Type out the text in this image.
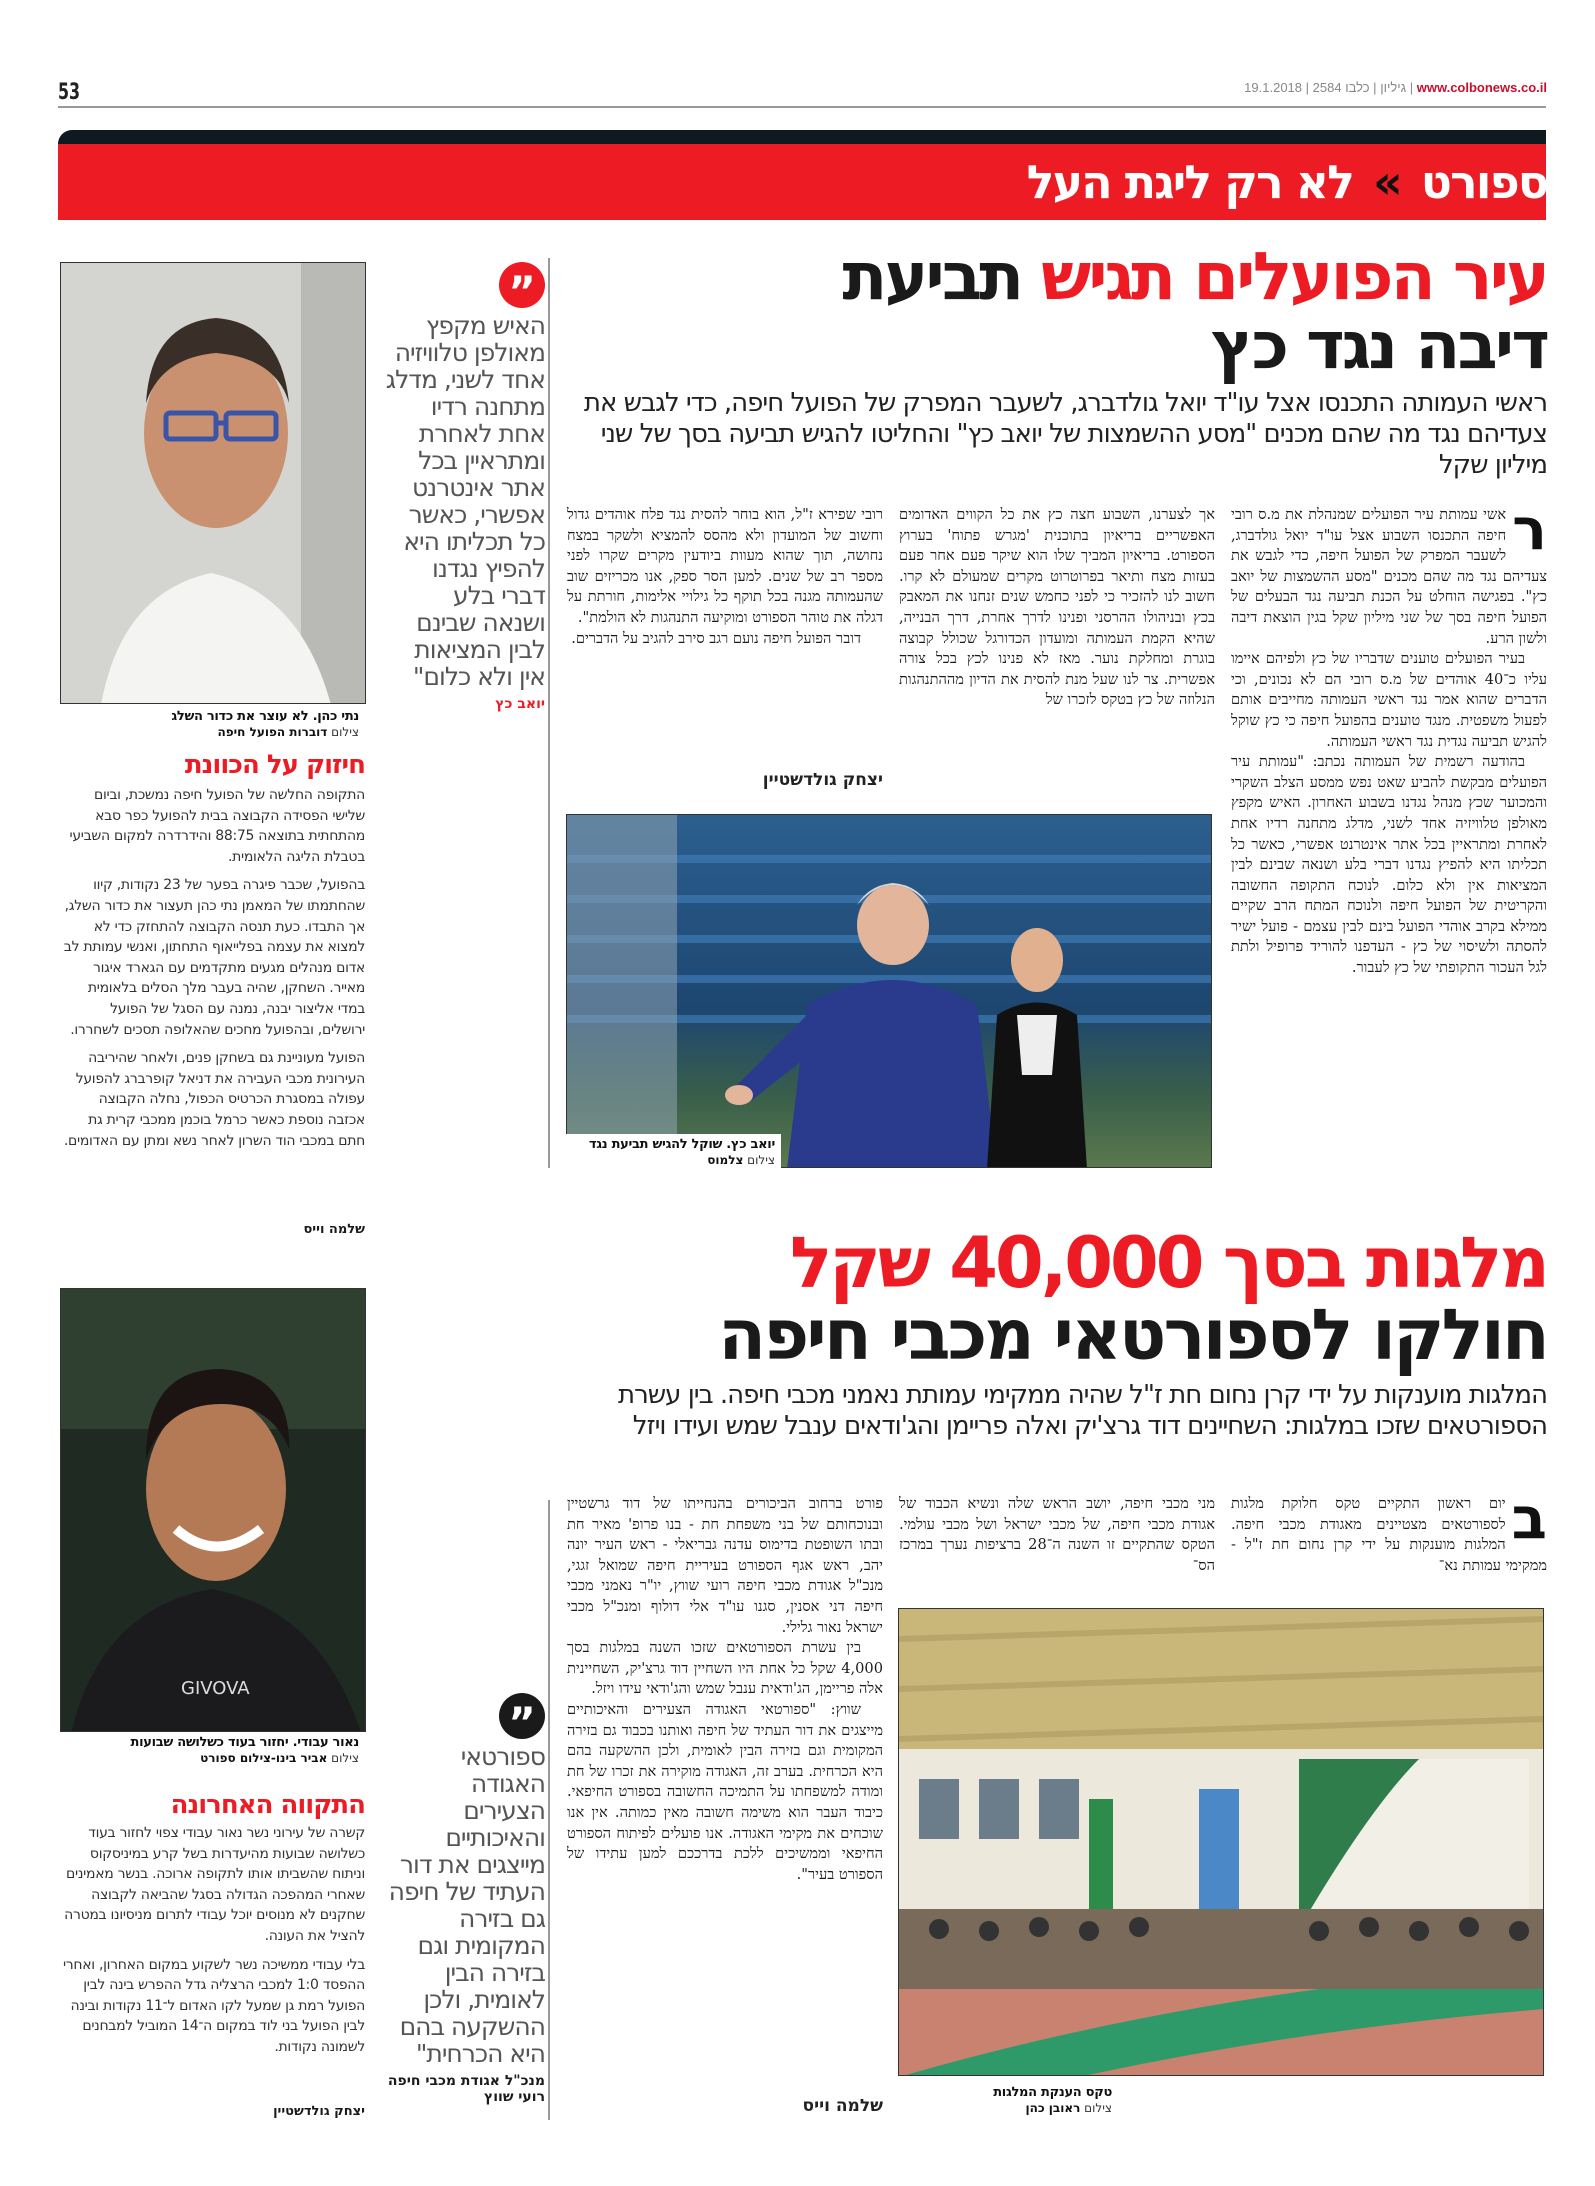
53	19.1.2018 | 2584	גיליון | כלבו	| www.colbonews.co.il
ספורט » לא רק ליגת העל
עיר הפועלים תגיש תביעת
דיבה נגד כץ
ראשי העמותה התכנסו אצל עו"ד יואל גולדברג, לשעבר המפרק של הפועל חיפה, כדי לגבש את צעדיהם נגד מה שהם מכנים "מסע ההשמצות של יואב כץ" והחליטו להגיש תביעה בסך של שני מיליון שקל
ר

אשי עמותת עיר הפועלים שמנהלת את מ.ס רובי חיפה התכנסו השבוע אצל עו"ד יואל גולדברג, לשעבר המפרק של הפועל חיפה, כדי לגבש את צעדיהם נגד מה שהם מכנים "מסע ההשמצות של יואב כץ". בפגישה הוחלט על הכנת תביעה נגד הבעלים של הפועל חיפה בסך של שני מיליון שקל בגין הוצאת דיבה ולשון הרע.

בעיר הפועלים טוענים שדבריו של כץ ולפיהם איימו עליו כ־40 אוהדים של מ.ס רובי הם לא נכונים, וכי הדברים שהוא אמר נגד ראשי העמותה מחייבים אותם לפעול משפטית. מנגד טוענים בהפועל חיפה כי כץ שוקל להגיש תביעה נגדית נגד ראשי העמותה.

בהודעה רשמית של העמותה נכתב: "עמותת עיר הפועלים מבקשת להביע שאט נפש ממסע הצלב השקרי והמכוער שכץ מנהל נגדנו בשבוע האחרון. האיש מקפץ מאולפן טלוויזיה אחד לשני, מדלג מתחנה רדיו אחת לאחרת ומתראיין בכל אתר אינטרנט אפשרי, כאשר כל תכליתו היא להפיץ נגדנו דברי בלע ושנאה שבינם לבין המציאות אין ולא כלום. לנוכח התקופה החשובה והקריטית של הפועל חיפה ולנוכח המתח הרב שקיים ממילא בקרב אוהדי הפועל בינם לבין עצמם - פועל ישיר להסתה ולשיסוי של כץ - העדפנו להוריד פרופיל ולתת לגל העכור התקופתי של כץ לעבור.

אך לצערנו, השבוע חצה כץ את כל הקווים האדומים האפשריים בריאיון בתוכנית 'מגרש פתוח' בערוץ הספורט. בריאיון המביך שלו הוא שיקר פעם אחר פעם בעזות מצח ותיאר בפרוטרוט מקרים שמעולם לא קרו. חשוב לנו להזכיר כי לפני כחמש שנים זנחנו את המאבק בכץ ובניהולו ההרסני ופנינו לדרך אחרת, דרך הבנייה, שהיא הקמת העמותה ומועדון הכדורגל שכולל קבוצה בוגרת ומחלקת נוער. מאז לא פנינו לכץ בכל צורה אפשרית. צר לנו שעל מנת להסית את הדיון מההתנהגות הנלוזה של כץ בטקס לזכרו של

רובי שפירא ז"ל, הוא בוחר להסית נגד פלח אוהדים גדול וחשוב של המועדון ולא מהסס להמציא ולשקר במצח נחושה, תוך שהוא מעוות ביודעין מקרים שקרו לפני מספר רב של שנים. למען הסר ספק, אנו מכריזים שוב שהעמותה מגנה בכל תוקף כל גילויי אלימות, חורתת על דגלה את טוהר הספורט ומוקיעה התנהגות לא הולמת".

דובר הפועל חיפה נועם רגב סירב להגיב על הדברים.

יצחק גולדשטיין
יואב כץ. שוקל להגיש תביעת נגד
צילום צלמוס
”
האיש מקפץ מאולפן טלוויזיה אחד לשני, מדלג מתחנה רדיו אחת לאחרת ומתראיין בכל אתר אינטרנט אפשרי, כאשר כל תכליתו היא להפיץ נגדנו דברי בלע ושנאה שבינם לבין המציאות אין ולא כלום"
יואב כץ
נתי כהן. לא עוצר את כדור השלג
צילום דוברות הפועל חיפה
חיזוק על הכוונת

התקופה החלשה של הפועל חיפה נמשכת, וביום שלישי הפסידה הקבוצה בבית להפועל כפר סבא מהתחתית בתוצאה 88:75 והידרדרה למקום השביעי בטבלת הליגה הלאומית.

בהפועל, שכבר פיגרה בפער של 23 נקודות, קיוו שהחתמתו של המאמן נתי כהן תעצור את כדור השלג, אך התבדו. כעת תנסה הקבוצה להתחזק כדי לא למצוא את עצמה בפלייאוף התחתון, ואנשי עמותת לב אדום מנהלים מגעים מתקדמים עם הגארד איגור מאייר. השחקן, שהיה בעבר מלך הסלים בלאומית במדי אליצור יבנה, נמנה עם הסגל של הפועל ירושלים, ובהפועל מחכים שהאלופה תסכים לשחררו.

הפועל מעוניינת גם בשחקן פנים, ולאחר שהיריבה העירונית מכבי העבירה את דניאל קופרברג להפועל עפולה במסגרת הכרטיס הכפול, נחלה הקבוצה אכזבה נוספת כאשר כרמל בוכמן ממכבי קרית גת חתם במכבי הוד השרון לאחר נשא ומתן עם האדומים.

שלמה וייס	מלגות בסך 40,000 שקל
חולקו לספורטאי מכבי חיפה
המלגות מוענקות על ידי קרן נחום חת ז"ל שהיה ממקימי עמותת נאמני מכבי חיפה. בין עשרת הספורטאים שזכו במלגות: השחיינים דוד גרצ'יק ואלה פריימן והג'ודאים ענבל שמש ועידו ויזל
ב

יום ראשון התקיים טקס חלוקת מלגות לספורטאים מצטיינים מאגודת מכבי חיפה. המלגות מוענקות על ידי קרן נחום חת ז"ל - ממקימי עמותת נא־

מני מכבי חיפה, יושב הראש שלה ונשיא הכבוד של אגודת מכבי חיפה, של מכבי ישראל ושל מכבי עולמי. הטקס שהתקיים זו השנה ה־28 ברציפות נערך במרכז הס־

פורט ברחוב הביכורים בהנחייתו של דוד גרשטיין ובנוכחותם של בני משפחת חת - בנו פרופ' מאיר חת ובתו השופטת בדימוס עדנה גבריאלי - ראש העיר יונה יהב, ראש אגף הספורט בעיריית חיפה שמואל זגגי, מנכ"ל אגודת מכבי חיפה רועי שווץ, יו"ר נאמני מכבי חיפה דני אסנין, סגנו עו"ד אלי דולוף ומנכ"ל מכבי ישראל נאור גלילי.

בין עשרת הספורטאים שזכו השנה במלגות בסך 4,000 שקל כל אחת היו השחיין דוד גרצ'יק, השחיינית אלה פריימן, הג'ודאית ענבל שמש והג'ודאי עידו ויזל.

שווץ: "ספורטאי האגודה הצעירים והאיכותיים מייצגים את דור העתיד של חיפה ואותנו בכבוד גם בזירה המקומית וגם בזירה הבין לאומית, ולכן ההשקעה בהם היא הכרחית. בערב זה, האגודה מוקירה את זכרו של חת ומודה למשפחתו על התמיכה החשובה בספורט החיפאי. כיבוד העבר הוא משימה חשובה מאין כמותה. אין אנו שוכחים את מקימי האגודה. אנו פועלים לפיתוח הספורט החיפאי וממשיכים ללכת בדרככם למען עתידו של הספורט בעיר".

שלמה וייס
טקס הענקת המלגות
צילום ראובן כהן
”
ספורטאי האגודה הצעירים והאיכותיים מייצגים את דור העתיד של חיפה גם בזירה המקומית וגם בזירה הבין לאומית, ולכן ההשקעה בהם היא הכרחית"
מנכ"ל אגודת מכבי חיפה רועי שווץ
GIVOVA
נאור עבודי. יחזור בעוד כשלושה שבועות
צילום אביר בינו-צילום ספורט
התקווה האחרונה

קשרה של עירוני נשר נאור עבודי צפוי לחזור בעוד כשלושה שבועות מהיעדרות בשל קרע במיניסקוס וניתוח שהשביתו אותו לתקופה ארוכה. בנשר מאמינים שאחרי המהפכה הגדולה בסגל שהביאה לקבוצה שחקנים לא מנוסים יוכל עבודי לתרום מניסיונו במטרה להציל את העונה.

בלי עבודי ממשיכה נשר לשקוע במקום האחרון, ואחרי ההפסד 1:0 למכבי הרצליה גדל ההפרש בינה לבין הפועל רמת גן שמעל לקו האדום ל־11 נקודות ובינה לבין הפועל בני לוד במקום ה־14 המוביל למבחנים לשמונה נקודות.

יצחק גולדשטיין
